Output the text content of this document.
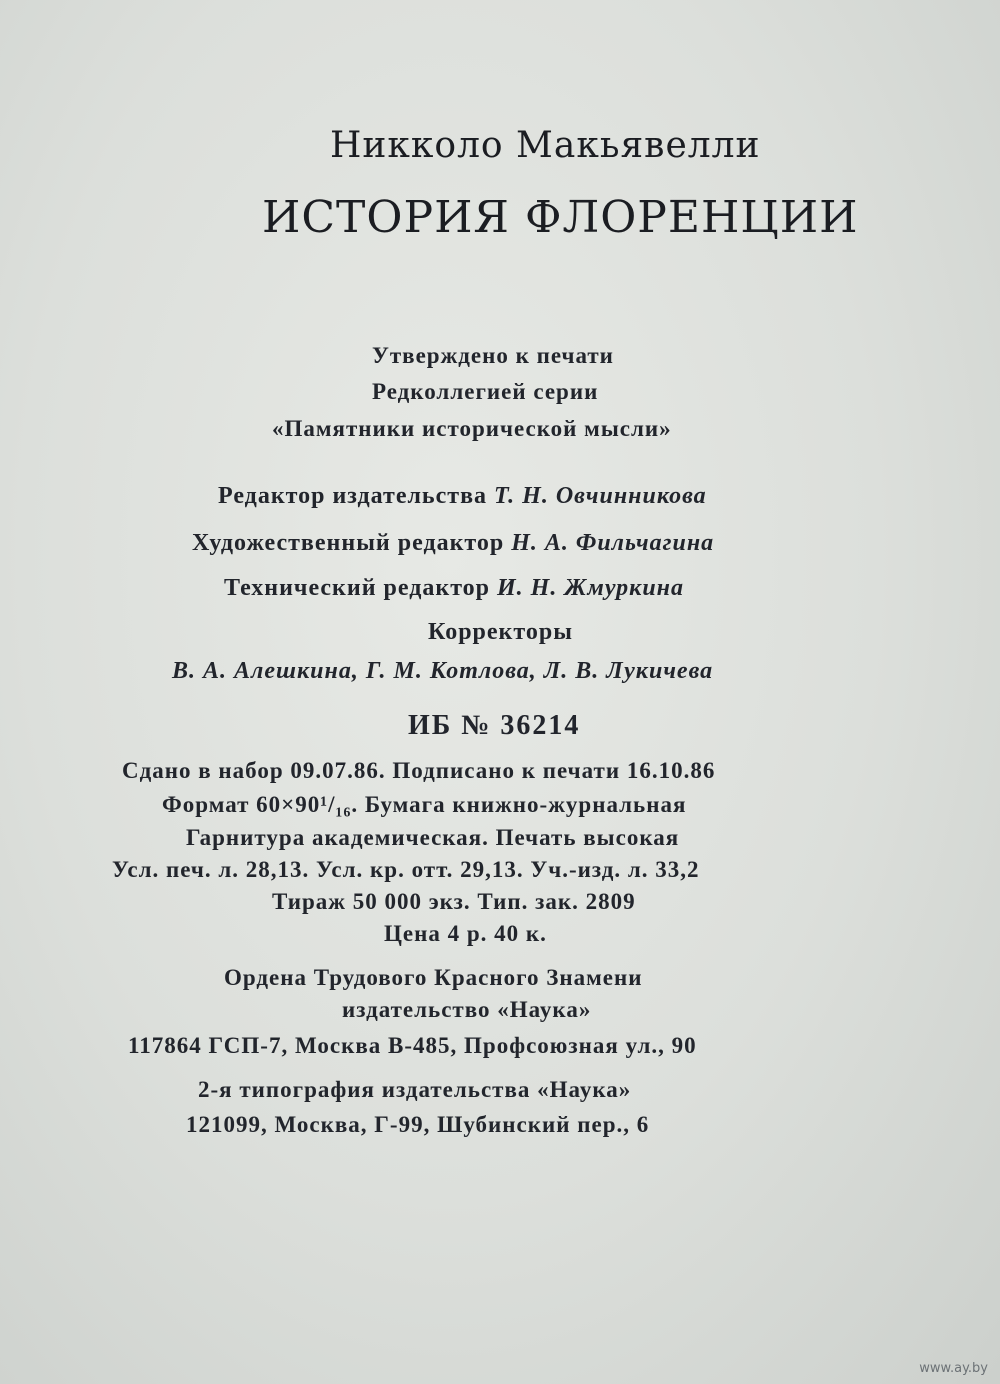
Никколо Макьявелли
ИСТОРИЯ ФЛОРЕНЦИИ
Утверждено к печати
Редколлегией серии
«Памятники исторической мысли»
Редактор издательства Т. Н. Овчинникова
Художественный редактор Н. А. Фильчагина
Технический редактор И. Н. Жмуркина
Корректоры
В. А. Алешкина, Г. М. Котлова, Л. В. Лукичева
ИБ № 36214
Сдано в набор 09.07.86. Подписано к печати 16.10.86
Формат 60×90¹/₁₆. Бумага книжно-журнальная
Гарнитура академическая. Печать высокая
Усл. печ. л. 28,13. Усл. кр. отт. 29,13. Уч.-изд. л. 33,2
Тираж 50 000 экз. Тип. зак. 2809
Цена 4 р. 40 к.
Ордена Трудового Красного Знамени
издательство «Наука»
117864 ГСП-7, Москва В-485, Профсоюзная ул., 90
2-я типография издательства «Наука»
121099, Москва, Г-99, Шубинский пер., 6
www.ay.by
